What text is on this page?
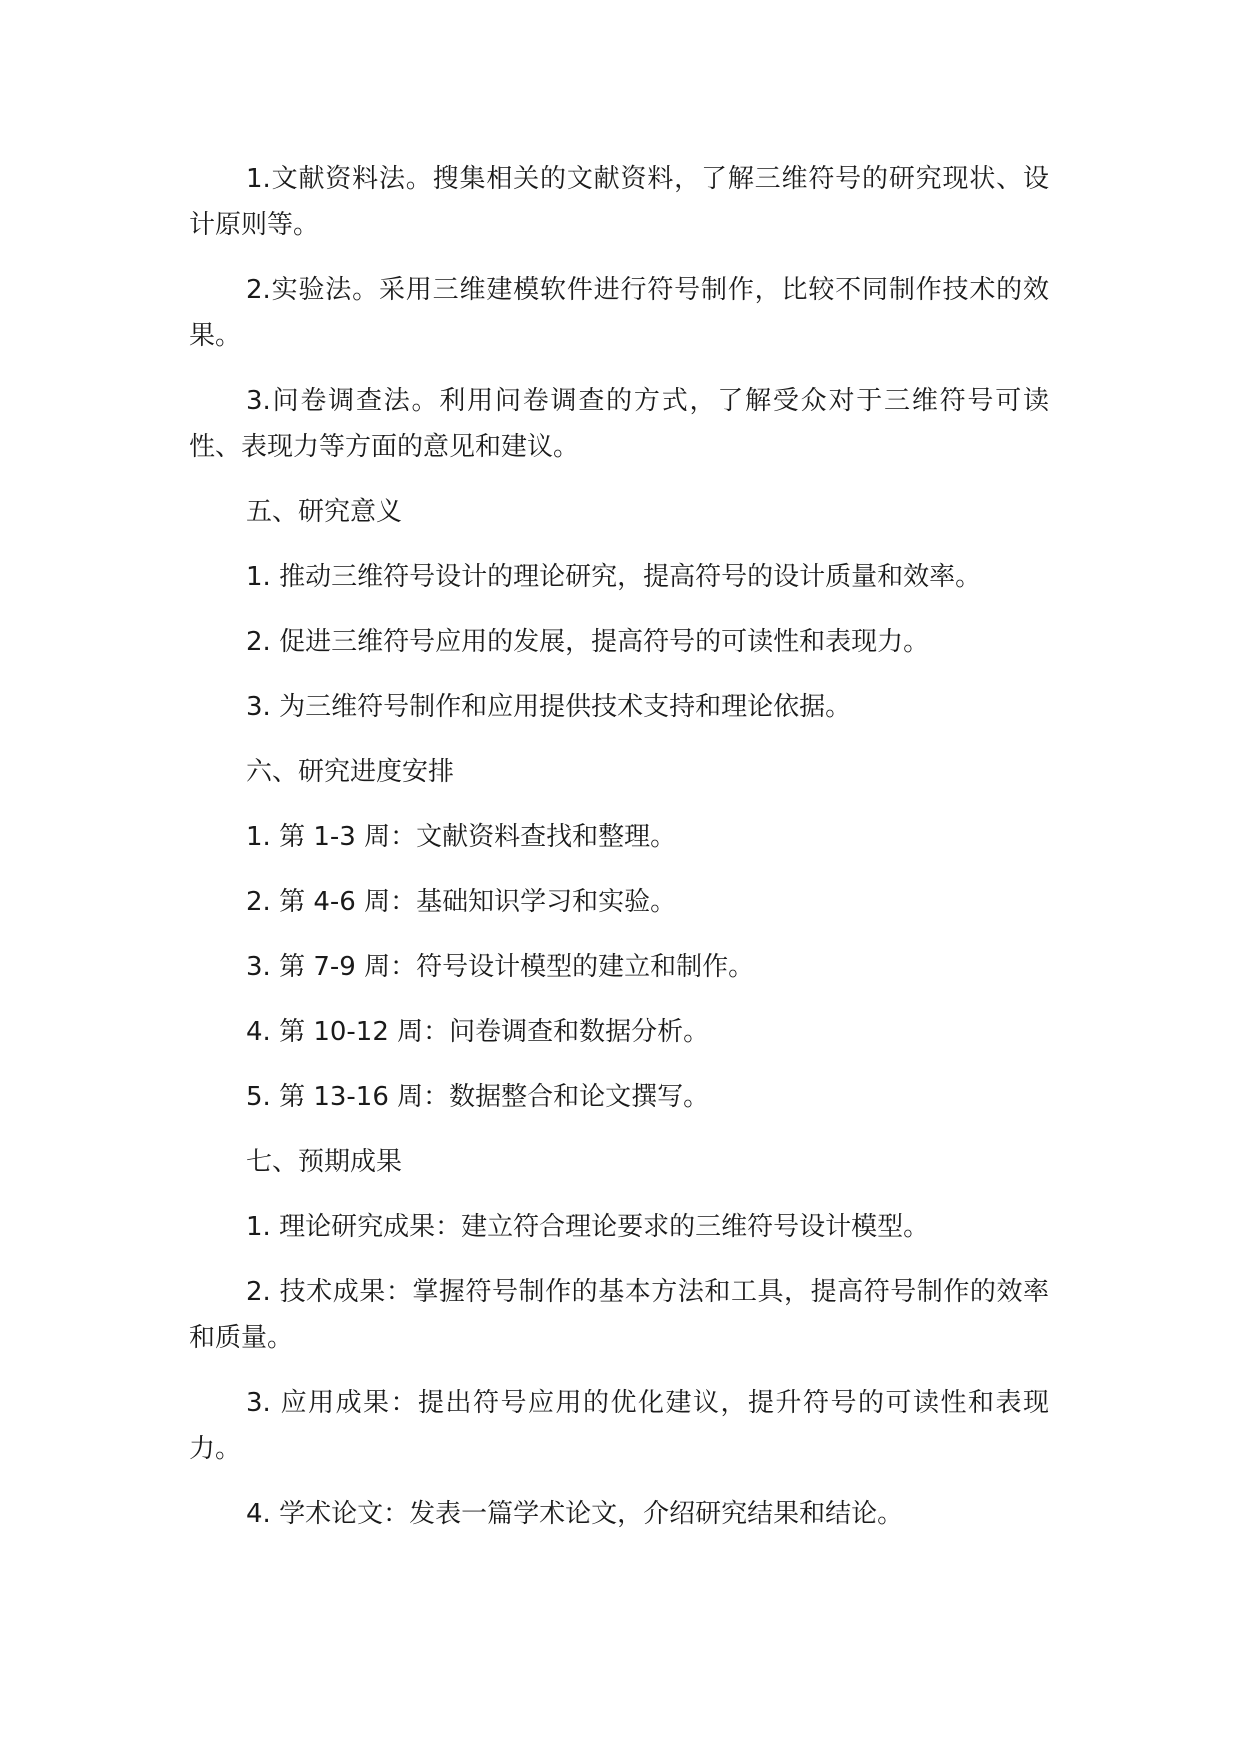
1.文献资料法。搜集相关的文献资料，了解三维符号的研究现状、设计原则等。

2.实验法。采用三维建模软件进行符号制作，比较不同制作技术的效果。

3.问卷调查法。利用问卷调查的方式，了解受众对于三维符号可读性、表现力等方面的意见和建议。

五、研究意义

1. 推动三维符号设计的理论研究，提高符号的设计质量和效率。

2. 促进三维符号应用的发展，提高符号的可读性和表现力。

3. 为三维符号制作和应用提供技术支持和理论依据。

六、研究进度安排

1. 第 1-3 周：文献资料查找和整理。

2. 第 4-6 周：基础知识学习和实验。

3. 第 7-9 周：符号设计模型的建立和制作。

4. 第 10-12 周：问卷调查和数据分析。

5. 第 13-16 周：数据整合和论文撰写。

七、预期成果

1. 理论研究成果：建立符合理论要求的三维符号设计模型。

2. 技术成果：掌握符号制作的基本方法和工具，提高符号制作的效率和质量。

3. 应用成果：提出符号应用的优化建议，提升符号的可读性和表现力。

4. 学术论文：发表一篇学术论文，介绍研究结果和结论。
